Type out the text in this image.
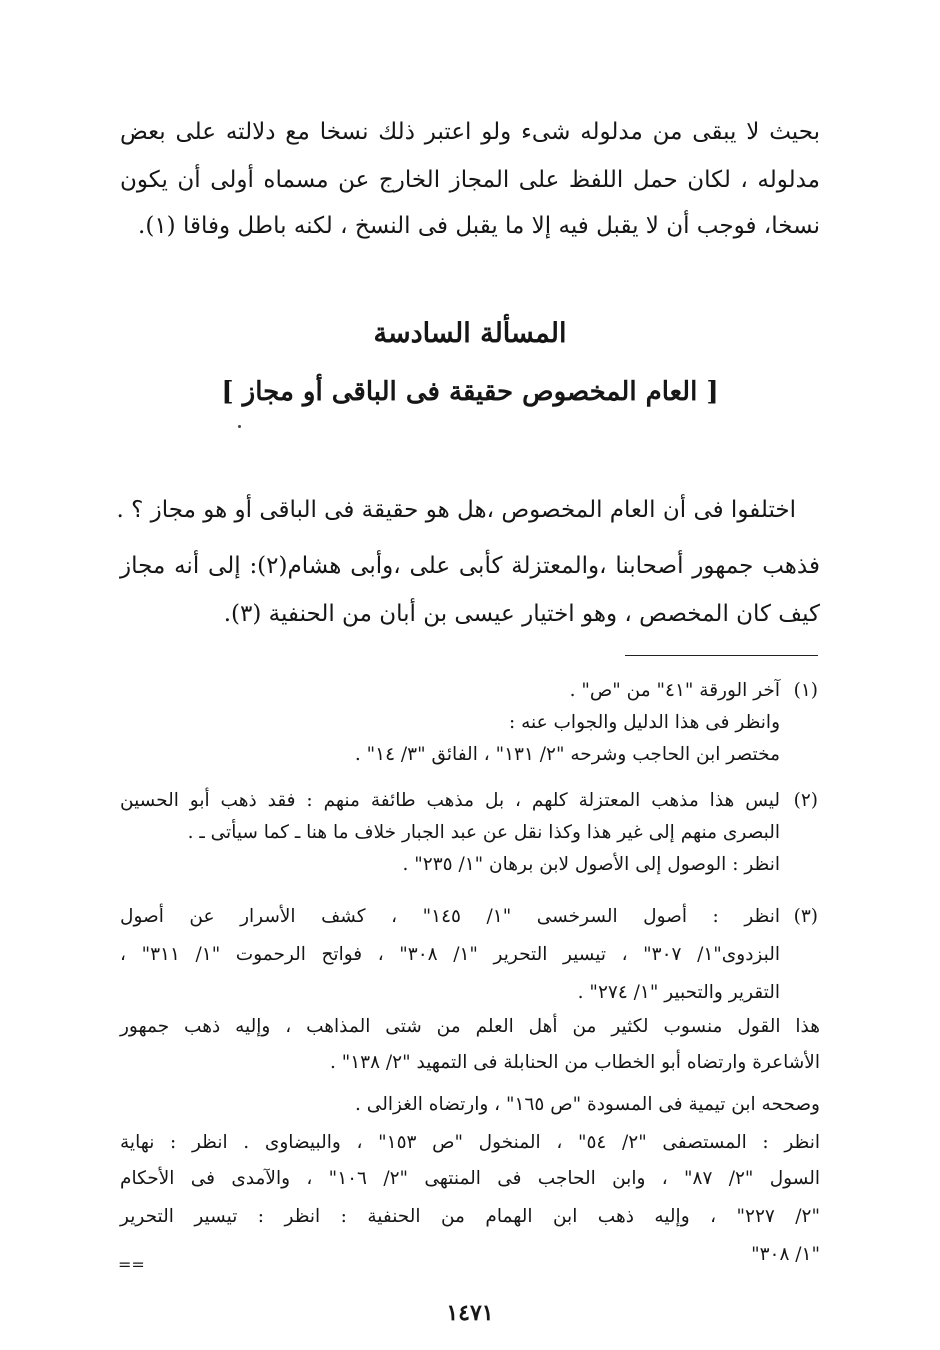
بحيث لا يبقى من مدلوله شىء ولو اعتبر ذلك نسخا مع دلالته على بعض
مدلوله ، لكان حمل اللفظ على المجاز الخارج عن مسماه أولى أن يكون
نسخا، فوجب أن لا يقبل فيه إلا ما يقبل فى النسخ ، لكنه باطل وفاقا (١).
المسألة السادسة
[ العام المخصوص حقيقة فى الباقى أو مجاز ]
اختلفوا فى أن العام المخصوص ،هل هو حقيقة فى الباقى أو هو مجاز ؟ .
فذهب جمهور أصحابنا ،والمعتزلة كأبى على ،وأبى هشام(٢): إلى أنه مجاز
كيف كان المخصص ، وهو اختيار عيسى بن أبان من الحنفية (٣).
(١)
آخر الورقة "٤١" من "ص" .
وانظر فى هذا الدليل والجواب عنه :
مختصر ابن الحاجب وشرحه "٢/ ١٣١" ، الفائق "٣/ ١٤" .
(٢)
ليس هذا مذهب المعتزلة كلهم ، بل مذهب طائفة منهم : فقد ذهب أبو الحسين
البصرى منهم إلى غير هذا وكذا نقل عن عبد الجبار خلاف ما هنا ـ كما سيأتى ـ .
انظر : الوصول إلى الأصول لابن برهان "١/ ٢٣٥" .
(٣)
انظر : أصول السرخسى "١/ ١٤٥" ، كشف الأسرار عن أصول
البزدوى"١/ ٣٠٧" ، تيسير التحرير "١/ ٣٠٨" ، فواتح الرحموت "١/ ٣١١" ،
التقرير والتحبير "١/ ٢٧٤" .
هذا القول منسوب لكثير من أهل العلم من شتى المذاهب ، وإليه ذهب جمهور
الأشاعرة وارتضاه أبو الخطاب من الحنابلة فى التمهيد "٢/ ١٣٨" .
وصححه ابن تيمية فى المسودة "ص ١٦٥" ، وارتضاه الغزالى .
انظر : المستصفى "٢/ ٥٤" ، المنخول "ص ١٥٣" ، والبيضاوى . انظر : نهاية
السول "٢/ ٨٧" ، وابن الحاجب فى المنتهى "٢/ ١٠٦" ، والآمدى فى الأحكام
"٢/ ٢٢٧" ، وإليه ذهب ابن الهمام من الحنفية : انظر : تيسير التحرير
"١/ ٣٠٨"
==
١٤٧١
